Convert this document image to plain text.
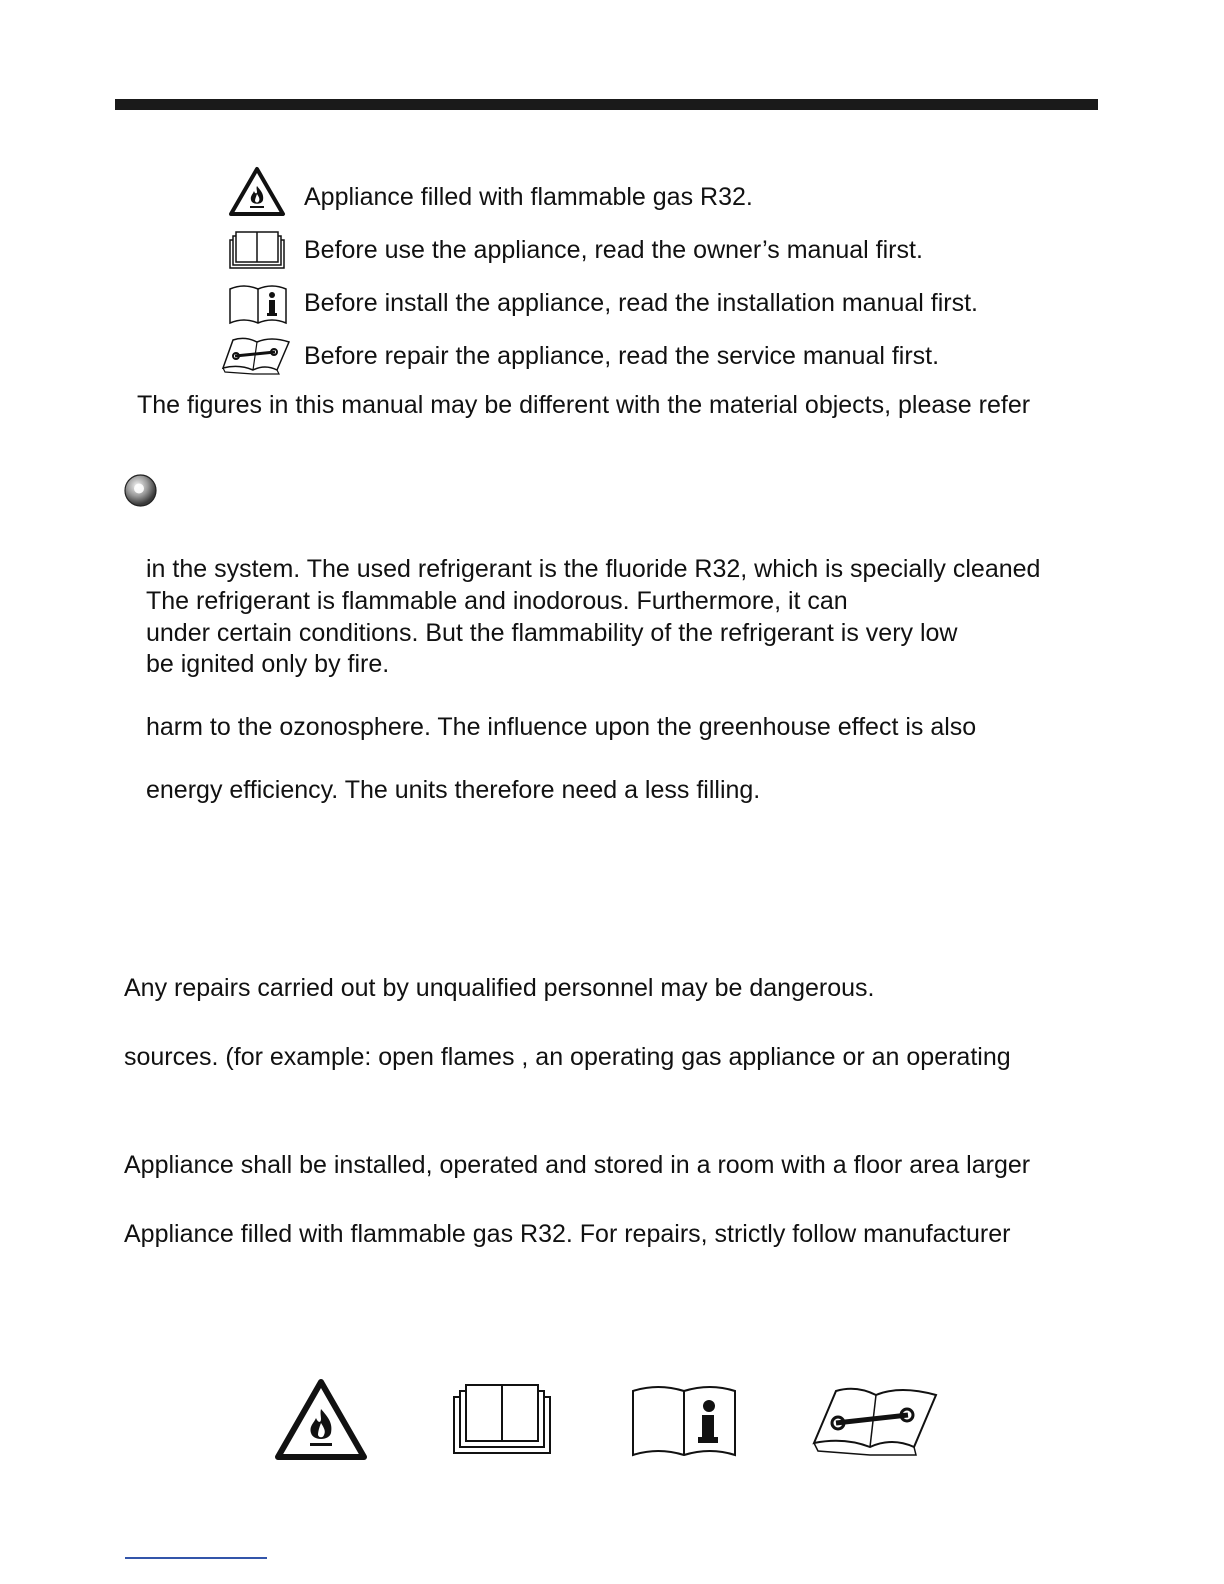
Appliance filled with flammable gas R32.
Before use the appliance, read the owner’s manual first.
Before install the appliance, read the installation manual first.
Before repair the appliance, read the service manual first.
The figures in this manual may be different with the material objects, please refer
in the system. The used refrigerant is the fluoride R32, which is specially cleaned
The refrigerant is flammable and inodorous. Furthermore, it can
under certain conditions. But the flammability of the refrigerant is very low
be ignited only by fire.
harm to the ozonosphere. The influence upon the greenhouse effect is also
energy efficiency. The units therefore need a less filling.
Any repairs carried out by unqualified personnel may be dangerous.
sources. (for example: open flames , an operating gas appliance or an operating
Appliance shall be installed, operated and stored in a room with a floor area larger
Appliance filled with flammable gas R32. For repairs, strictly follow manufacturer
